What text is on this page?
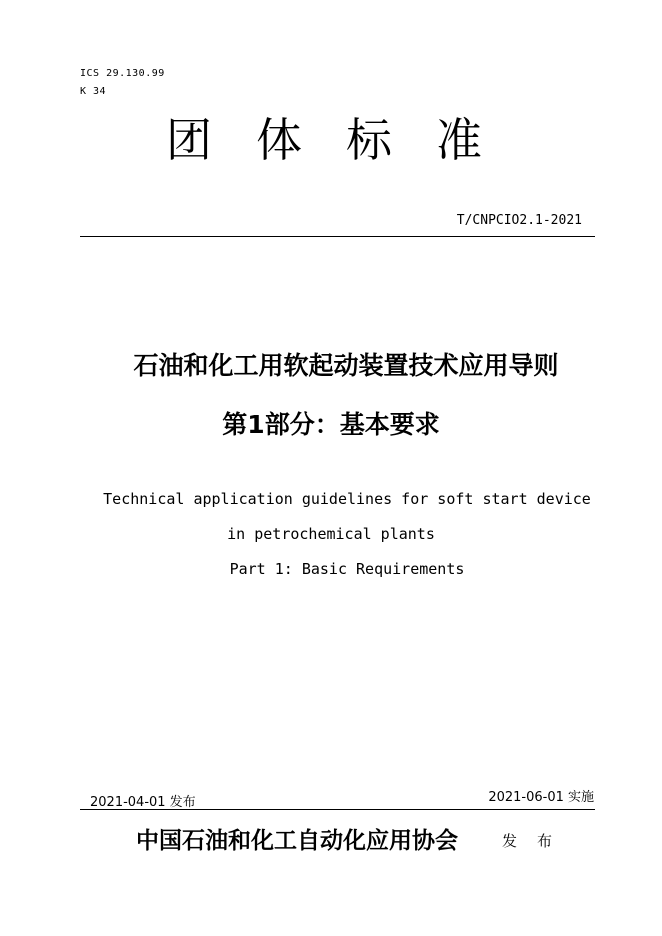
ICS 29.130.99
K 34
团体标准
T/CNPCIO2.1-2021
石油和化工用软起动装置技术应用导则
第1部分：基本要求
Technical application guidelines for soft start device
in petrochemical plants
Part 1: Basic Requirements
2021-04-01 发布	2021-06-01 实施
中国石油和化工自动化应用协会	发布
